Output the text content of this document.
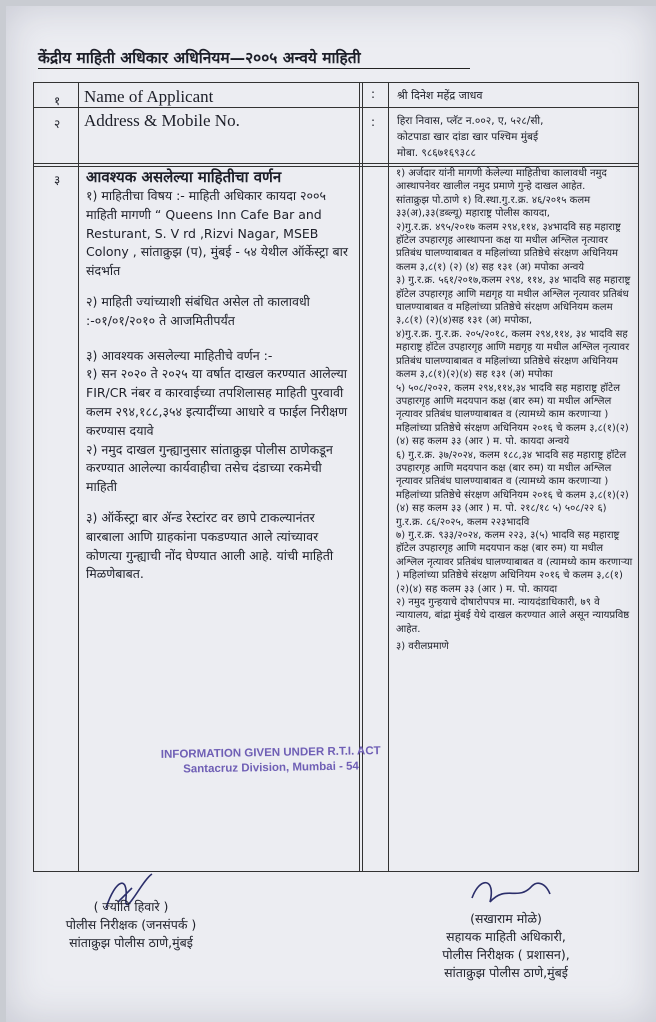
केंद्रीय माहिती अधिकार अधिनियम—२००५ अन्वये माहिती
१ Name of Applicant	: श्री दिनेश महेंद्र जाधव
२ Address & Mobile No.	: हिरा निवास, प्लॅट न.००२, ए, ५२८/सी,
कोटपाडा खार दांडा खार पश्चिम मुंबई
मोबा. ९८६७१६९३८८
३ आवश्यक असलेल्या माहितीचा वर्णन

१) माहितीचा विषय :- माहिती अधिकार कायदा २००५ माहिती मागणी “ Queens Inn Cafe Bar and Resturant, S. V rd ,Rizvi Nagar, MSEB Colony , सांताक्रुझ (प), मुंबई - ५४ येथील ऑर्केस्ट्रा बार संदर्भात

२) माहिती ज्यांच्याशी संबंधित असेल तो कालावधी :-०१/०१/२०१० ते आजमितीपर्यंत

३) आवश्यक असलेल्या माहितीचे वर्णन :-

१) सन २०२० ते २०२५ या वर्षात दाखल करण्यात आलेल्या FIR/CR नंबर व कारवाईच्या तपशिलासह माहिती पुरवावी कलम २९४,१८८,३५४ इत्यादींच्या आधारे व फाईल निरीक्षण करण्यास दयावे

२) नमुद दाखल गुन्ह्यानुसार सांताक्रुझ पोलीस ठाणेकडून करण्यात आलेल्या कार्यवाहीचा तसेच दंडाच्या रकमेची माहिती

३) ऑर्केस्ट्रा बार ॲन्ड रेस्टांरट वर छापे टाकल्यानंतर बारबाला आणि ग्राहकांना पकडण्यात आले त्यांच्यावर कोणत्या गुन्ह्याची नोंद घेण्यात आली आहे. यांची माहिती मिळणेबाबत.

१) अर्जदार यांनी मागणी केलेल्या माहितीचा कालावधी नमुद आस्थापनेवर खालील नमुद प्रमाणे गुन्हे दाखल आहेत.

सांताक्रुझ पो.ठाणे १) वि.स्था.गु.र.क्र. ४६/२०१५ कलम ३३(अ),३३(डब्ल्यू) महाराष्ट्र पोलीस कायदा,

२)गु.र.क्र. ४९५/२०१७ कलम २९४,११४, ३४भादवि सह महाराष्ट्र हॉटेल उपहारगृह आस्थापना कक्ष या मधील अश्लिल नृत्यावर प्रतिबंध घालण्याबाबत व महिलांच्या प्रतिष्ठेचे संरक्षण अधिनियम कलम ३,८(१) (२) (४) सह १३१ (अ) मपोका अन्वये

३) गु.र.क्र. ५६१/२०१७,कलम २९४, ११४, ३४ भादवि सह महाराष्ट्र हॉटेल उपहारगृह आणि मद्यगृह या मधील अश्लिल नृत्यावर प्रतिबंध घालण्याबाबत व महिलांच्या प्रतिष्ठेचे संरक्षण अधिनियम कलम ३,८(१) (२)(४)सह १३१ (अ) मपोका,

४)गु.र.क्र. गु.र.क्र. २०५/२०१८, कलम २९४,११४, ३४ भादवि सह महाराष्ट्र हॉटेल उपहारगृह आणि मद्यगृह या मधील अश्लिल नृत्यावर प्रतिबंध घालण्याबाबत व महिलांच्या प्रतिष्ठेचे संरक्षण अधिनियम कलम ३,८(१)(२)(४) सह १३१ (अ) मपोका

५) ५०८/२०२२, कलम २९४,११४,३४ भादवि सह महाराष्ट्र हॉटेल उपहारगृह आणि मदयपान कक्ष (बार रुम) या मधील अश्लिल नृत्यावर प्रतिबंध घालण्याबाबत व (त्यामध्ये काम करणाऱ्या ) महिलांच्या प्रतिष्ठेचे संरक्षण अधिनियम २०१६ चे कलम ३,८(१)(२)(४) सह कलम ३३ (आर ) म. पो. कायदा अन्वये

६) गु.र.क्र. ३७/२०२४, कलम १८८,३४ भादवि सह महाराष्ट्र हॉटेल उपहारगृह आणि मदयपान कक्ष (बार रुम) या मधील अश्लिल नृत्यावर प्रतिबंध घालण्याबाबत व (त्यामध्ये काम करणाऱ्या ) महिलांच्या प्रतिष्ठेचे संरक्षण अधिनियम २०१६ चे कलम ३,८(१)(२)(४) सह कलम ३३ (आर ) म. पो. २१८/१८ ५) ५०८/२२ ६) गु.र.क्र. ८६/२०२५, कलम २२३भादवि

७) गु.र.क्र. ९३३/२०२४, कलम २२३, ३(५) भादवि सह महाराष्ट्र हॉटेल उपहारगृह आणि मदयपान कक्ष (बार रुम) या मधील अश्लिल नृत्यावर प्रतिबंध घालण्याबाबत व (त्यामध्ये काम करणाऱ्या ) महिलांच्या प्रतिष्ठेचे संरक्षण अधिनियम २०१६ चे कलम ३,८(१)(२)(४) सह कलम ३३ (आर ) म. पो. कायदा

२) नमुद गुन्हयाचे दोषारोपपत्र मा. न्यायदंडाधिकारी, ७९ वे न्यायालय, बांद्रा मुंबई येथे दाखल करण्यात आले असून न्यायप्रविष्ठ आहेत.

३) वरीलप्रमाणे

INFORMATION GIVEN UNDER R.T.I. ACT
Santacruz Division, Mumbai - 54
( ज्योति हिवारे )
पोलीस निरीक्षक (जनसंपर्क )
सांताक्रुझ पोलीस ठाणे,मुंबई
(सखाराम मोळे)
सहायक माहिती अधिकारी,
पोलीस निरीक्षक ( प्रशासन),
सांताक्रुझ पोलीस ठाणे,मुंबई
